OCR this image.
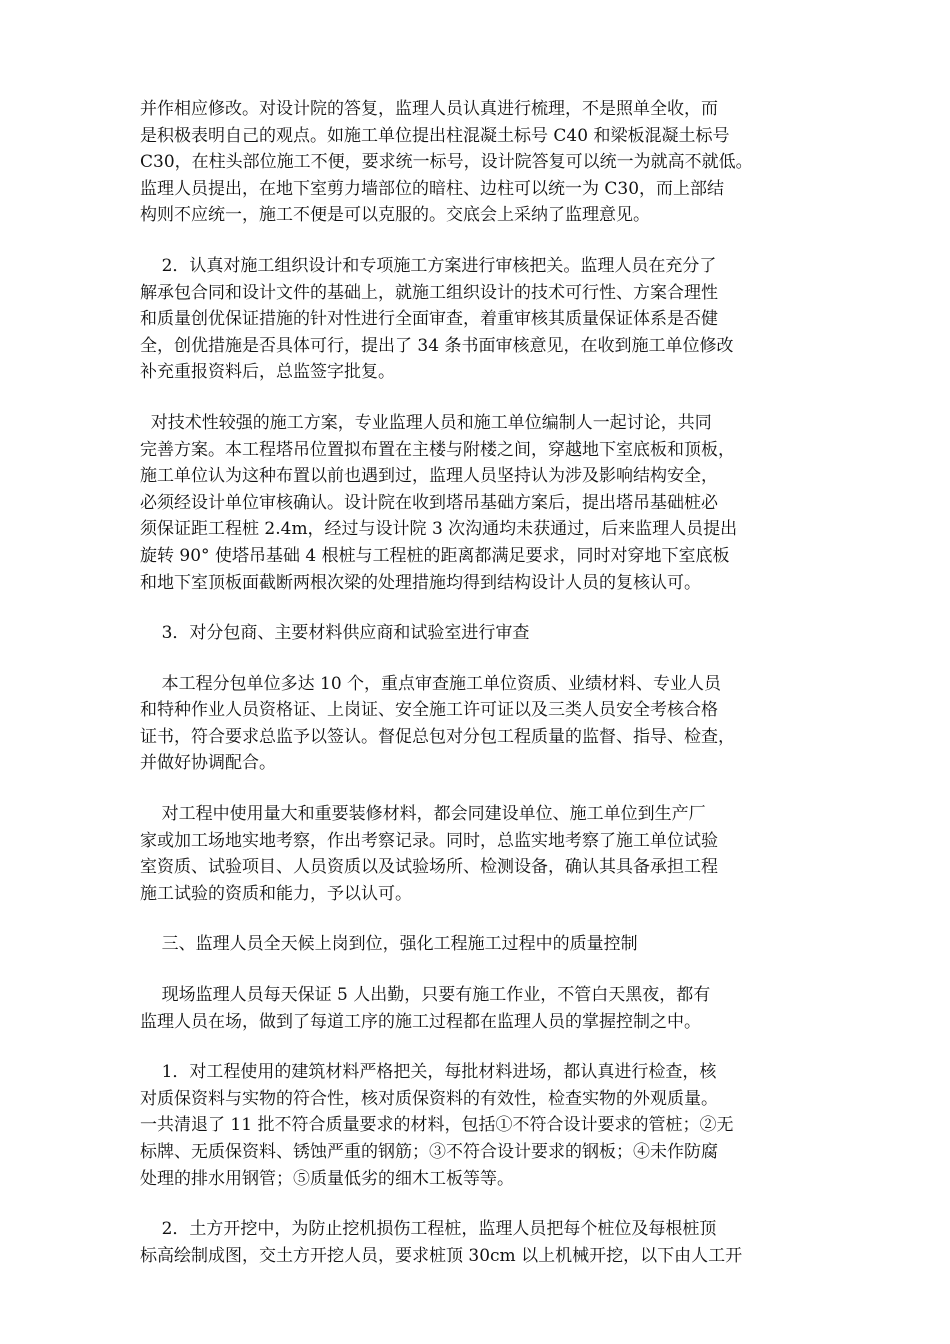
并作相应修改。对设计院的答复，监理人员认真进行梳理，不是照单全收，而
是积极表明自己的观点。如施工单位提出柱混凝土标号 C40 和梁板混凝土标号
C30，在柱头部位施工不便，要求统一标号，设计院答复可以统一为就高不就低。
监理人员提出，在地下室剪力墙部位的暗柱、边柱可以统一为 C30，而上部结
构则不应统一，施工不便是可以克服的。交底会上采纳了监理意见。
2．认真对施工组织设计和专项施工方案进行审核把关。监理人员在充分了
解承包合同和设计文件的基础上，就施工组织设计的技术可行性、方案合理性
和质量创优保证措施的针对性进行全面审查，着重审核其质量保证体系是否健
全，创优措施是否具体可行，提出了 34 条书面审核意见，在收到施工单位修改
补充重报资料后，总监签字批复。
对技术性较强的施工方案，专业监理人员和施工单位编制人一起讨论，共同
完善方案。本工程塔吊位置拟布置在主楼与附楼之间，穿越地下室底板和顶板，
施工单位认为这种布置以前也遇到过，监理人员坚持认为涉及影响结构安全，
必须经设计单位审核确认。设计院在收到塔吊基础方案后，提出塔吊基础桩必
须保证距工程桩 2.4m，经过与设计院 3 次沟通均未获通过，后来监理人员提出
旋转 90° 使塔吊基础 4 根桩与工程桩的距离都满足要求，同时对穿地下室底板
和地下室顶板面截断两根次梁的处理措施均得到结构设计人员的复核认可。
3．对分包商、主要材料供应商和试验室进行审查
本工程分包单位多达 10 个，重点审查施工单位资质、业绩材料、专业人员
和特种作业人员资格证、上岗证、安全施工许可证以及三类人员安全考核合格
证书，符合要求总监予以签认。督促总包对分包工程质量的监督、指导、检查，
并做好协调配合。
对工程中使用量大和重要装修材料，都会同建设单位、施工单位到生产厂
家或加工场地实地考察，作出考察记录。同时，总监实地考察了施工单位试验
室资质、试验项目、人员资质以及试验场所、检测设备，确认其具备承担工程
施工试验的资质和能力，予以认可。
三、监理人员全天候上岗到位，强化工程施工过程中的质量控制
现场监理人员每天保证 5 人出勤，只要有施工作业，不管白天黑夜，都有
监理人员在场，做到了每道工序的施工过程都在监理人员的掌握控制之中。
1．对工程使用的建筑材料严格把关，每批材料进场，都认真进行检查，核
对质保资料与实物的符合性，核对质保资料的有效性，检查实物的外观质量。
一共清退了 11 批不符合质量要求的材料，包括①不符合设计要求的管桩；②无
标牌、无质保资料、锈蚀严重的钢筋；③不符合设计要求的钢板；④未作防腐
处理的排水用钢管；⑤质量低劣的细木工板等等。
2．土方开挖中，为防止挖机损伤工程桩，监理人员把每个桩位及每根桩顶
标高绘制成图，交土方开挖人员，要求桩顶 30cm 以上机械开挖，以下由人工开
